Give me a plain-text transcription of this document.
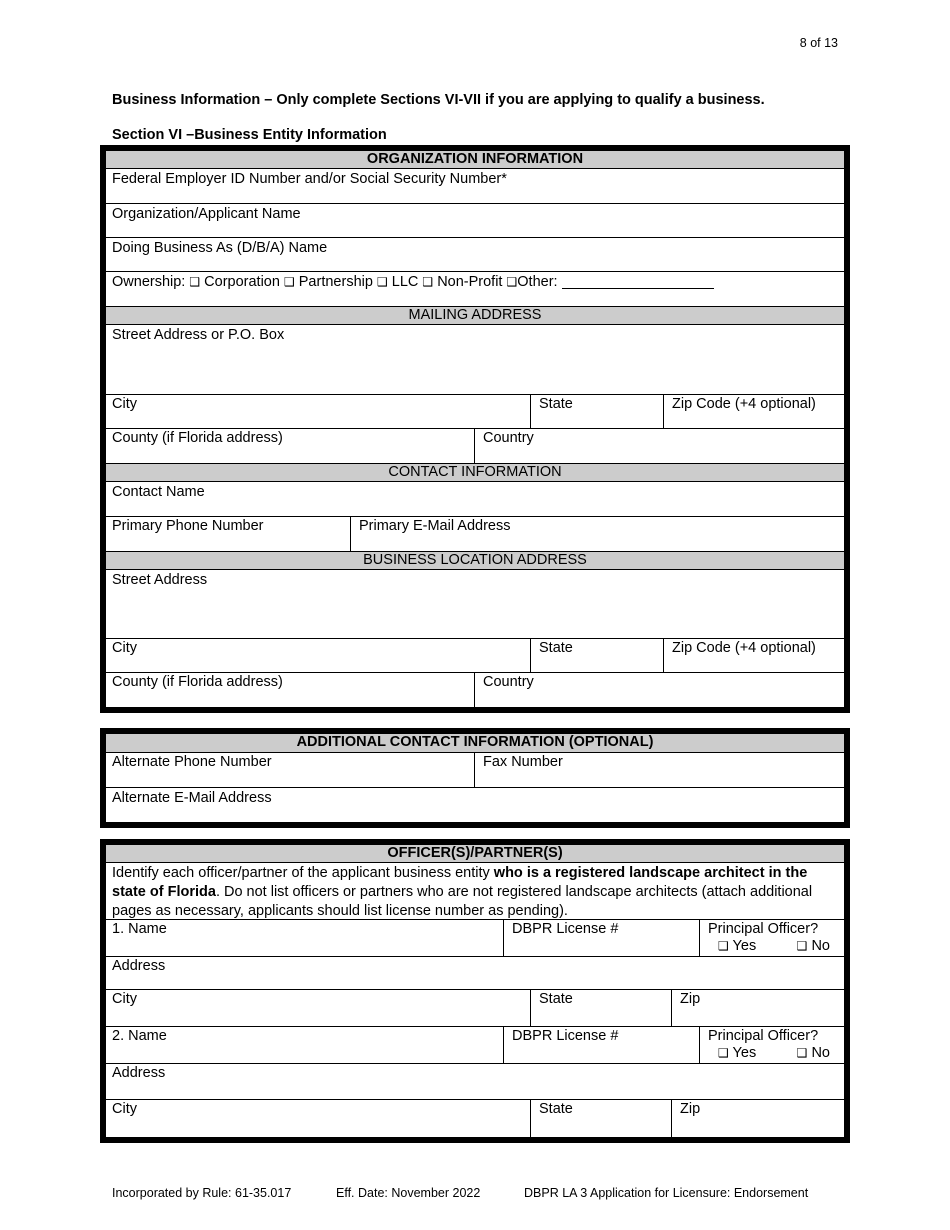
8 of 13
Business Information – Only complete Sections VI-VII if you are applying to qualify a business.
Section VI –Business Entity Information
ORGANIZATION INFORMATION
Federal Employer ID Number and/or Social Security Number*
Organization/Applicant Name
Doing Business As (D/B/A) Name
Ownership: ❑ Corporation ❑ Partnership ❑ LLC ❑ Non-Profit ❑Other:
MAILING ADDRESS
Street Address or P.O. Box
City	State	Zip Code (+4 optional)
County (if Florida address)	Country
CONTACT INFORMATION
Contact Name
Primary Phone Number	Primary E-Mail Address
BUSINESS LOCATION ADDRESS
Street Address
City	State	Zip Code (+4 optional)
County (if Florida address)	Country
ADDITIONAL CONTACT INFORMATION (OPTIONAL)
Alternate Phone Number	Fax Number
Alternate E-Mail Address
OFFICER(S)/PARTNER(S)
Identify each officer/partner of the applicant business entity who is a registered landscape architect in the state of Florida. Do not list officers or partners who are not registered landscape architects (attach additional pages as necessary, applicants should list license number as pending).
1. Name	DBPR License #	Principal Officer?
❑ Yes	❑ No
Address
City	State	Zip
2. Name	DBPR License #	Principal Officer?
❑ Yes	❑ No
Address
City	State	Zip
Incorporated by Rule: 61-35.017	Eff. Date: November 2022	DBPR LA 3 Application for Licensure: Endorsement
